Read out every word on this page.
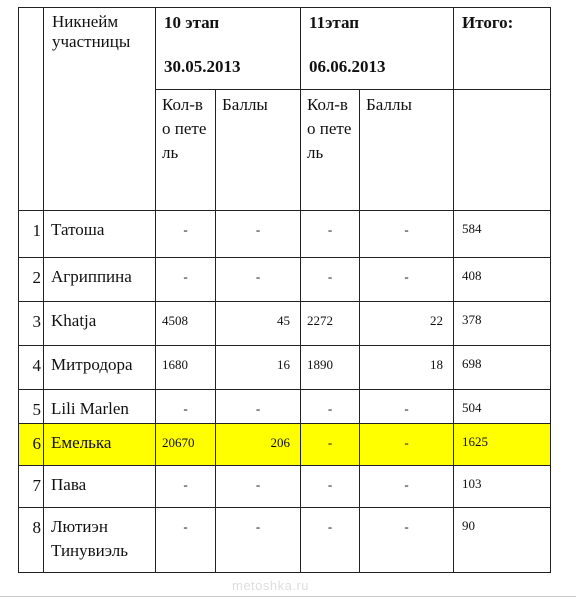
	Никнейм участницы	10 этап		11этап		Итого:

		30.05.2013		06.06.2013		

		Кол-во петель	Баллы	Кол-во петель	Баллы	

1	Татоша	-	-	-	-	584

2	Агриппина	-	-	-	-	408

3	Khatja	4508	45	2272	22	378

4	Митродора	1680	16	1890	18	698

5	Lili Marlen	-	-	-	-	504

6	Емелька	20670	206	-	-	1625

7	Пава	-	-	-	-	103

8	Лютиэн Тинувиэль	-	-	-	-	90
metoshka.ru
